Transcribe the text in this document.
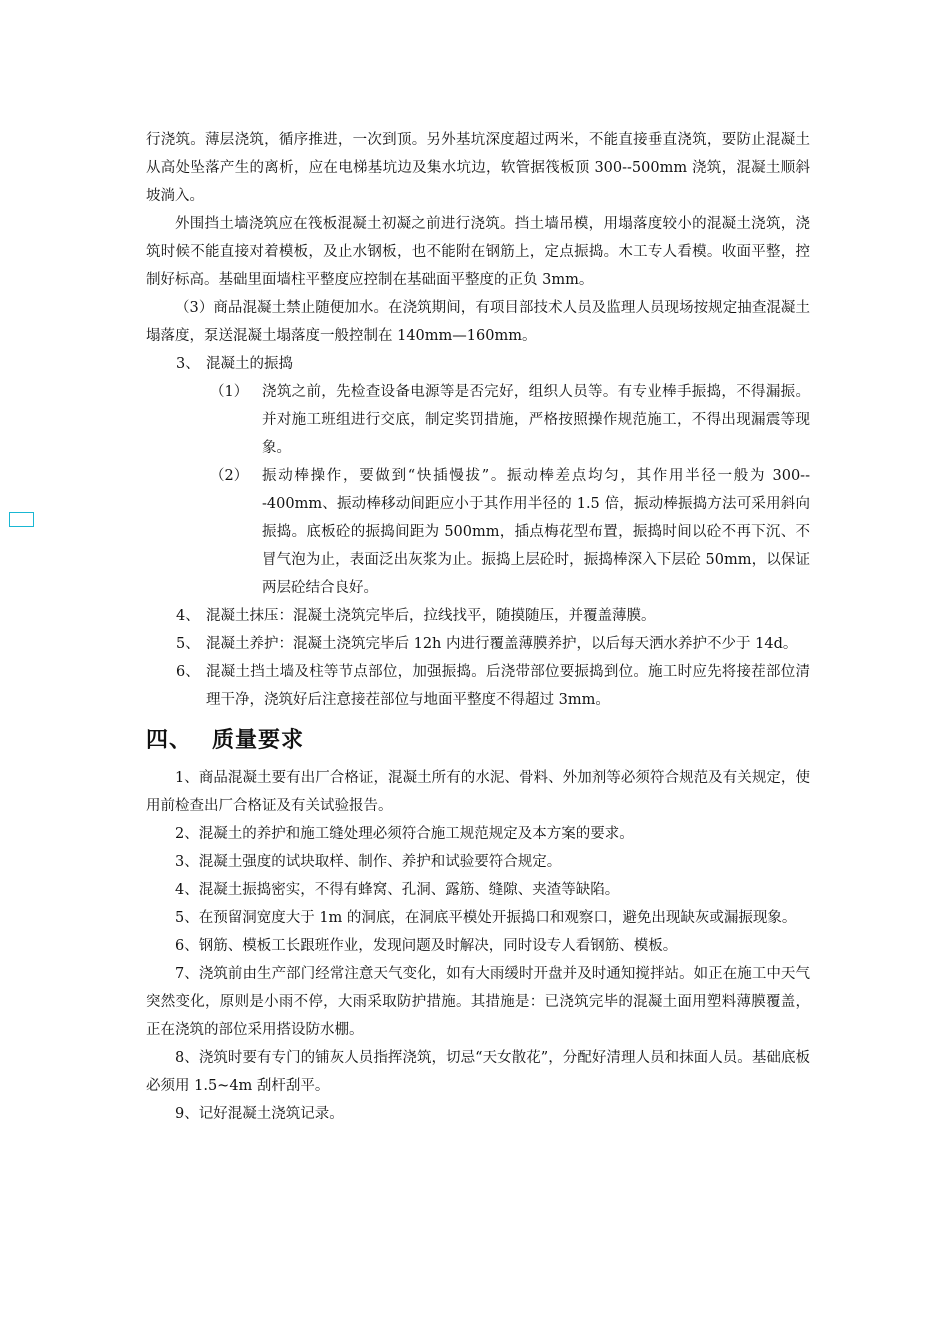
行浇筑。薄层浇筑，循序推进，一次到顶。另外基坑深度超过两米，不能直接垂直浇筑，要防止混凝土从高处坠落产生的离析，应在电梯基坑边及集水坑边，软管据筏板顶 300--500mm 浇筑，混凝土顺斜坡淌入。

外围挡土墙浇筑应在筏板混凝土初凝之前进行浇筑。挡土墙吊模，用塌落度较小的混凝土浇筑，浇筑时候不能直接对着模板，及止水钢板，也不能附在钢筋上，定点振捣。木工专人看模。收面平整，控制好标高。基础里面墙柱平整度应控制在基础面平整度的正负 3mm。

（3）商品混凝土禁止随便加水。在浇筑期间，有项目部技术人员及监理人员现场按规定抽查混凝土塌落度，泵送混凝土塌落度一般控制在 140mm—160mm。

3、 混凝土的振捣

（1） 浇筑之前，先检查设备电源等是否完好，组织人员等。有专业棒手振捣，不得漏振。并对施工班组进行交底，制定奖罚措施，严格按照操作规范施工，不得出现漏震等现象。

（2） 振动棒操作，要做到“快插慢拔”。振动棒差点均匀，其作用半径一般为 300---400mm、振动棒移动间距应小于其作用半径的 1.5 倍，振动棒振捣方法可采用斜向振捣。底板砼的振捣间距为 500mm，插点梅花型布置，振捣时间以砼不再下沉、不冒气泡为止，表面泛出灰浆为止。振捣上层砼时，振捣棒深入下层砼 50mm，以保证两层砼结合良好。

4、 混凝土抹压：混凝土浇筑完毕后，拉线找平，随摸随压，并覆盖薄膜。

5、 混凝土养护：混凝土浇筑完毕后 12h 内进行覆盖薄膜养护，以后每天洒水养护不少于 14d。

6、 混凝土挡土墙及柱等节点部位，加强振捣。后浇带部位要振捣到位。施工时应先将接茬部位清理干净，浇筑好后注意接茬部位与地面平整度不得超过 3mm。

四、 质量要求

1、商品混凝土要有出厂合格证，混凝土所有的水泥、骨料、外加剂等必须符合规范及有关规定，使用前检查出厂合格证及有关试验报告。

2、混凝土的养护和施工缝处理必须符合施工规范规定及本方案的要求。

3、混凝土强度的试块取样、制作、养护和试验要符合规定。

4、混凝土振捣密实，不得有蜂窝、孔洞、露筋、缝隙、夹渣等缺陷。

5、在预留洞宽度大于 1m 的洞底，在洞底平模处开振捣口和观察口，避免出现缺灰或漏振现象。

6、钢筋、模板工长跟班作业，发现问题及时解决，同时设专人看钢筋、模板。

7、浇筑前由生产部门经常注意天气变化，如有大雨缓时开盘并及时通知搅拌站。如正在施工中天气突然变化，原则是小雨不停，大雨采取防护措施。其措施是：已浇筑完毕的混凝土面用塑料薄膜覆盖，正在浇筑的部位采用搭设防水棚。

8、浇筑时要有专门的铺灰人员指挥浇筑，切忌“天女散花”，分配好清理人员和抹面人员。基础底板必须用 1.5~4m 刮杆刮平。

9、记好混凝土浇筑记录。
